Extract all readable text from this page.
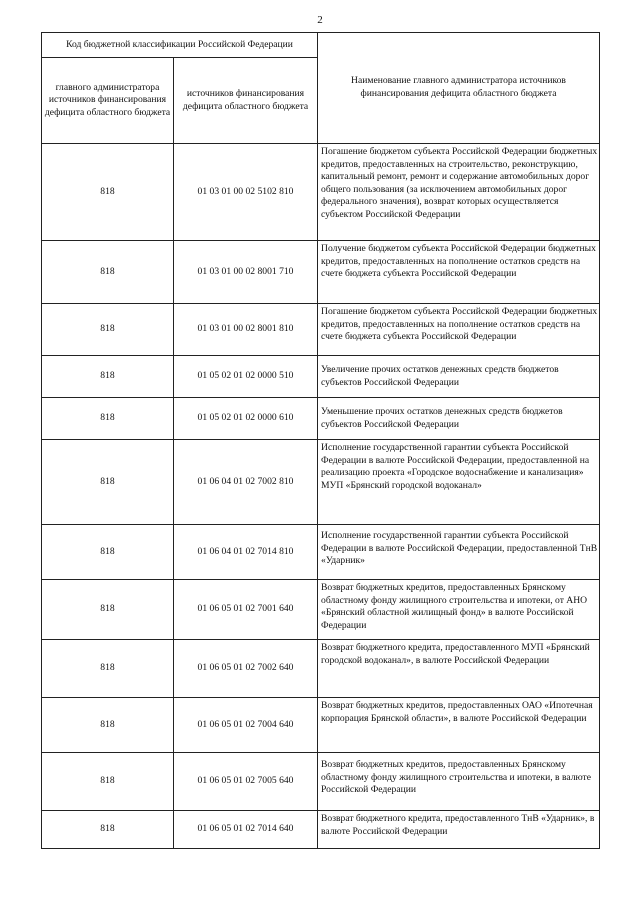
2
Код бюджетной классификации Российской Федерации		Наименование главного администратора источников финансирования дефицита областного бюджета
главного администратора источников финансирования дефицита областного бюджета	источников финансирования дефицита областного бюджета	
818	01 03 01 00 02 5102 810	Погашение бюджетом субъекта Российской Федерации бюджетных кредитов, предоставленных на строительство, реконструкцию, капитальный ремонт, ремонт и содержание автомобильных дорог общего пользования (за исключением автомобильных дорог федерального значения), возврат которых осуществляется субъектом Российской Федерации
818	01 03 01 00 02 8001 710	Получение бюджетом субъекта Российской Федерации бюджетных кредитов, предоставленных на пополнение остатков средств на счете бюджета субъекта Российской Федерации
818	01 03 01 00 02 8001 810	Погашение бюджетом субъекта Российской Федерации бюджетных кредитов, предоставленных на пополнение остатков средств на счете бюджета субъекта Российской Федерации
818	01 05 02 01 02 0000 510	Увеличение прочих остатков денежных средств бюджетов субъектов Российской Федерации
818	01 05 02 01 02 0000 610	Уменьшение прочих остатков денежных средств бюджетов субъектов Российской Федерации
818	01 06 04 01 02 7002 810	Исполнение государственной гарантии субъекта Российской Федерации в валюте Российской Федерации, предоставленной на реализацию проекта «Городское водоснабжение и канализация» МУП «Брянский городской водоканал»
818	01 06 04 01 02 7014 810	Исполнение государственной гарантии субъекта Российской Федерации в валюте Российской Федерации, предоставленной ТнВ «Ударник»
818	01 06 05 01 02 7001 640	Возврат бюджетных кредитов, предоставленных Брянскому областному фонду жилищного строительства и ипотеки, от АНО «Брянский областной жилищный фонд» в валюте Российской Федерации
818	01 06 05 01 02 7002 640	Возврат бюджетного кредита, предоставленного МУП «Брянский городской водоканал», в валюте Российской Федерации
818	01 06 05 01 02 7004 640	Возврат бюджетных кредитов, предоставленных ОАО «Ипотечная корпорация Брянской области», в валюте Российской Федерации
818	01 06 05 01 02 7005 640	Возврат бюджетных кредитов, предоставленных Брянскому областному фонду жилищного строительства и ипотеки, в валюте Российской Федерации
818	01 06 05 01 02 7014 640	Возврат бюджетного кредита, предоставленного ТнВ «Ударник», в валюте Российской Федерации
